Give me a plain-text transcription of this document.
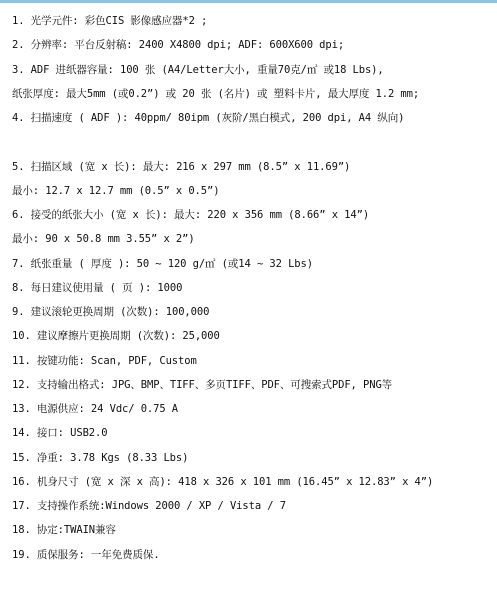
1. 光学元件: 彩色CIS 影像感应器*2 ;
2. 分辨率: 平台反射稿: 2400 X4800 dpi; ADF: 600X600 dpi;
3. ADF 进纸器容量: 100 张 (A4/Letter大小, 重量70克/㎡ 或18 Lbs),
纸张厚度: 最大5mm (或0.2”) 或 20 张 (名片) 或 塑料卡片, 最大厚度 1.2 mm;
4. 扫描速度 ( ADF ): 40ppm/ 80ipm (灰阶/黑白模式, 200 dpi, A4 纵向)
5. 扫描区域 (宽 x 长): 最大: 216 x 297 mm (8.5” x 11.69”)
最小: 12.7 x 12.7 mm (0.5” x 0.5”)
6. 接受的纸张大小 (宽 x 长): 最大: 220 x 356 mm (8.66” x 14”)
最小: 90 x 50.8 mm 3.55” x 2”)
7. 纸张重量 ( 厚度 ): 50 ~ 120 g/㎡ (或14 ~ 32 Lbs)
8. 每日建议使用量 ( 页 ): 1000
9. 建议滚轮更换周期 (次数): 100,000
10. 建议摩擦片更换周期 (次数): 25,000
11. 按键功能: Scan, PDF, Custom
12. 支持输出格式: JPG、BMP、TIFF、多页TIFF、PDF、可搜索式PDF, PNG等
13. 电源供应: 24 Vdc/ 0.75 A
14. 接口: USB2.0
15. 净重: 3.78 Kgs (8.33 Lbs)
16. 机身尺寸 (宽 x 深 x 高): 418 x 326 x 101 mm (16.45” x 12.83” x 4”)
17. 支持操作系统:Windows 2000 / XP / Vista / 7
18. 协定:TWAIN兼容
19. 质保服务: 一年免费质保.
